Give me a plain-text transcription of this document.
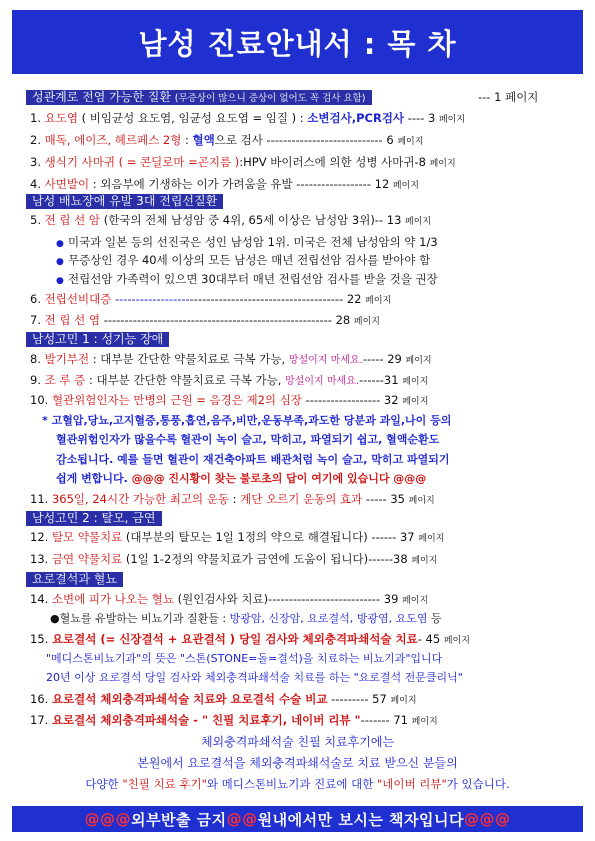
남성 진료안내서 : 목 차
성관계로 전염 가능한 질환 (무증상이 많으니 증상이 없어도 꼭 검사 요함)	--- 1 페이지
1. 요도염 ( 비임균성 요도염, 임균성 요도염 = 임질 ) : 소변검사,PCR검사 ---- 3 페이지
2. 매독, 에이즈, 헤르페스 2형 : 혈액으로 검사 ---------------------------- 6 페이지
3. 생식기 사마귀 ( = 콘딜로마 =곤지름 ):HPV 바이러스에 의한 성병 사마귀-8 페이지
4. 사면발이 : 외음부에 기생하는 이가 가려움을 유발 ------------------ 12 페이지
남성 배뇨장애 유발 3대 전립선질환
5. 전 립 선 암 (한국의 전체 남성암 중 4위, 65세 이상은 남성암 3위)-- 13 페이지
● 미국과 일본 등의 선진국은 성인 남성암 1위. 미국은 전체 남성암의 약 1/3
● 무증상인 경우 40세 이상의 모든 남성은 매년 전립선암 검사를 받아야 함
● 전립선암 가족력이 있으면 30대부터 매년 전립선암 검사를 받을 것을 권장
6. 전립선비대증 ------------------------------------------------------- 22 페이지
7. 전 립 선 염 ------------------------------------------------------- 28 페이지
남성고민 1 : 성기능 장애
8. 발기부전 : 대부분 간단한 약물치료로 극복 가능, 망설이지 마세요.----- 29 페이지
9. 조 루 증 : 대부분 간단한 약물치료로 극복 가능, 망설이지 마세요.------31 페이지
10. 혈관위험인자는 만병의 근원 = 음경은 제2의 심장 ------------------ 32 페이지
* 고혈압,당뇨,고지혈증,통풍,흡연,음주,비만,운동부족,과도한 당분과 과일,나이 등의
혈관위험인자가 많을수록 혈관이 녹이 슬고, 막히고, 파열되기 쉽고, 혈액순환도
감소됩니다. 예를 들면 혈관이 재건축아파트 배관처럼 녹이 슬고, 막히고 파열되기
쉽게 변합니다. @@@ 진시황이 찾는 불로초의 답이 여기에 있습니다 @@@
11. 365일, 24시간 가능한 최고의 운동 : 계단 오르기 운동의 효과 ----- 35 페이지
남성고민 2 : 탈모, 금연
12. 탈모 약물치료 (대부분의 탈모는 1일 1정의 약으로 해결됩니다) ------ 37 페이지
13. 금연 약물치료 (1일 1-2정의 약물치료가 금연에 도움이 됩니다)------38 페이지
요로결석과 혈뇨
14. 소변에 피가 나오는 혈뇨 (원인검사와 치료)--------------------------- 39 페이지
●혈뇨를 유발하는 비뇨기과 질환들 : 방광암, 신장암, 요로결석, 방광염, 요도염 등
15. 요로결석 (= 신장결석 + 요관결석 ) 당일 검사와 체외충격파쇄석술 치료- 45 페이지
"메디스톤비뇨기과"의 뜻은 "스톤(STONE=돌=결석)을 치료하는 비뇨기과"입니다
20년 이상 요로결석 당일 검사와 체외충격파쇄석술 치료를 하는 "요로결석 전문클리닉"
16. 요로결석 체외충격파쇄석술 치료와 요로결석 수술 비교 --------- 57 페이지
17. 요로결석 체외충격파쇄석술 - " 친필 치료후기, 네이버 리뷰 "------- 71 페이지
체외충격파쇄석술 친필 치료후기에는
본원에서 요로결석을 체외충격파쇄석술로 치료 받으신 분들의
다양한 "친필 치료 후기"와 메디스톤비뇨기과 진료에 대한 "네이버 리뷰"가 있습니다.
@@@ 외부반출 금지 @@ 원내에서만 보시는 책자입니다 @@@
